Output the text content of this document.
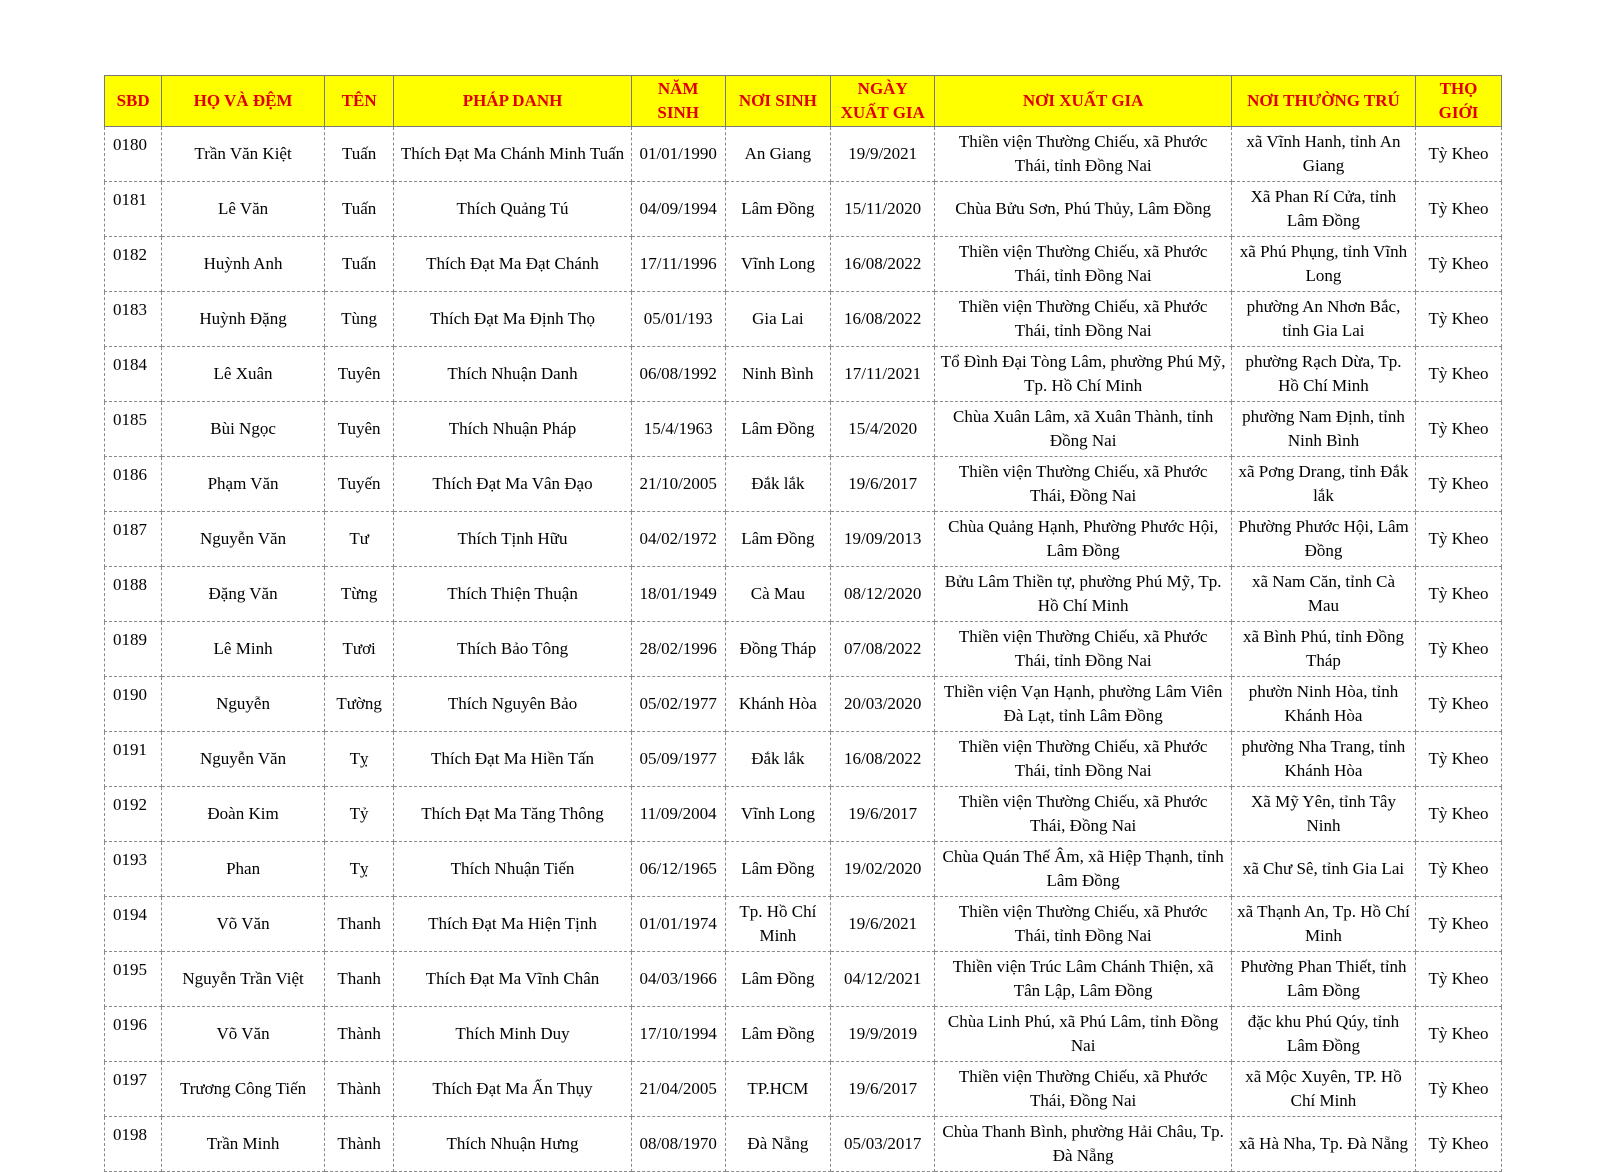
SBD	HỌ VÀ ĐỆM	TÊN	PHÁP DANH	NĂM SINH	NƠI SINH	NGÀY XUẤT GIA	NƠI XUẤT GIA	NƠI THƯỜNG TRÚ	THỌ GIỚI
0180	Trần Văn Kiệt	Tuấn	Thích Đạt Ma Chánh Minh Tuấn	01/01/1990	An Giang	19/9/2021	Thiền viện Thường Chiếu, xã Phước Thái, tỉnh Đồng Nai	xã Vĩnh Hanh, tỉnh An Giang	Tỳ Kheo
0181	Lê Văn	Tuấn	Thích Quảng Tú	04/09/1994	Lâm Đồng	15/11/2020	Chùa Bửu Sơn, Phú Thủy, Lâm Đồng	Xã Phan Rí Cửa, tỉnh Lâm Đồng	Tỳ Kheo
0182	Huỳnh Anh	Tuấn	Thích Đạt Ma Đạt Chánh	17/11/1996	Vĩnh Long	16/08/2022	Thiền viện Thường Chiếu, xã Phước Thái, tỉnh Đồng Nai	xã Phú Phụng, tỉnh Vĩnh Long	Tỳ Kheo
0183	Huỳnh Đặng	Tùng	Thích Đạt Ma Định Thọ	05/01/193	Gia Lai	16/08/2022	Thiền viện Thường Chiếu, xã Phước Thái, tỉnh Đồng Nai	phường An Nhơn Bắc, tỉnh Gia Lai	Tỳ Kheo
0184	Lê Xuân	Tuyên	Thích Nhuận Danh	06/08/1992	Ninh Bình	17/11/2021	Tổ Đình Đại Tòng Lâm, phường Phú Mỹ, Tp. Hồ Chí Minh	phường Rạch Dừa, Tp. Hồ Chí Minh	Tỳ Kheo
0185	Bùi Ngọc	Tuyên	Thích Nhuận Pháp	15/4/1963	Lâm Đồng	15/4/2020	Chùa Xuân Lâm, xã Xuân Thành, tỉnh Đồng Nai	phường Nam Định, tỉnh Ninh Bình	Tỳ Kheo
0186	Phạm Văn	Tuyến	Thích Đạt Ma Vân Đạo	21/10/2005	Đắk lắk	19/6/2017	Thiền viện Thường Chiếu, xã Phước Thái, Đồng Nai	xã Pơng Drang, tỉnh Đắk lắk	Tỳ Kheo
0187	Nguyễn Văn	Tư	Thích Tịnh Hữu	04/02/1972	Lâm Đồng	19/09/2013	Chùa Quảng Hạnh, Phường Phước Hội, Lâm Đồng	Phường Phước Hội, Lâm Đồng	Tỳ Kheo
0188	Đặng Văn	Từng	Thích Thiện Thuận	18/01/1949	Cà Mau	08/12/2020	Bửu Lâm Thiền tự, phường Phú Mỹ, Tp. Hồ Chí Minh	xã Nam Căn, tỉnh Cà Mau	Tỳ Kheo
0189	Lê Minh	Tươi	Thích Bảo Tông	28/02/1996	Đồng Tháp	07/08/2022	Thiền viện Thường Chiếu, xã Phước Thái, tỉnh Đồng Nai	xã Bình Phú, tỉnh Đồng Tháp	Tỳ Kheo
0190	Nguyễn	Tường	Thích Nguyên Bảo	05/02/1977	Khánh Hòa	20/03/2020	Thiền viện Vạn Hạnh, phường Lâm Viên Đà Lạt, tỉnh Lâm Đồng	phườn Ninh Hòa, tỉnh Khánh Hòa	Tỳ Kheo
0191	Nguyễn Văn	Tỵ	Thích Đạt Ma Hiền Tấn	05/09/1977	Đắk lắk	16/08/2022	Thiền viện Thường Chiếu, xã Phước Thái, tỉnh Đồng Nai	phường Nha Trang, tỉnh Khánh Hòa	Tỳ Kheo
0192	Đoàn Kim	Tỷ	Thích Đạt Ma Tăng Thông	11/09/2004	Vĩnh Long	19/6/2017	Thiền viện Thường Chiếu, xã Phước Thái, Đồng Nai	Xã Mỹ Yên, tỉnh Tây Ninh	Tỳ Kheo
0193	Phan	Tỵ	Thích Nhuận Tiến	06/12/1965	Lâm Đồng	19/02/2020	Chùa Quán Thế Âm, xã Hiệp Thạnh, tỉnh Lâm Đồng	xã Chư Sê, tỉnh Gia Lai	Tỳ Kheo
0194	Võ Văn	Thanh	Thích Đạt Ma Hiện Tịnh	01/01/1974	Tp. Hồ Chí Minh	19/6/2021	Thiền viện Thường Chiếu, xã Phước Thái, tỉnh Đồng Nai	xã Thạnh An, Tp. Hồ Chí Minh	Tỳ Kheo
0195	Nguyễn Trần Việt	Thanh	Thích Đạt Ma Vĩnh Chân	04/03/1966	Lâm Đồng	04/12/2021	Thiền viện Trúc Lâm Chánh Thiện, xã Tân Lập, Lâm Đồng	Phường Phan Thiết, tỉnh Lâm Đồng	Tỳ Kheo
0196	Võ Văn	Thành	Thích Minh Duy	17/10/1994	Lâm Đồng	19/9/2019	Chùa Linh Phú, xã Phú Lâm, tỉnh Đồng Nai	đặc khu Phú Qúy, tỉnh Lâm Đồng	Tỳ Kheo
0197	Trương Công Tiến	Thành	Thích Đạt Ma Ấn Thụy	21/04/2005	TP.HCM	19/6/2017	Thiền viện Thường Chiếu, xã Phước Thái, Đồng Nai	xã Mộc Xuyên, TP. Hồ Chí Minh	Tỳ Kheo
0198	Trần Minh	Thành	Thích Nhuận Hưng	08/08/1970	Đà Nẵng	05/03/2017	Chùa Thanh Bình, phường Hải Châu, Tp. Đà Nẵng	xã Hà Nha, Tp. Đà Nẵng	Tỳ Kheo
